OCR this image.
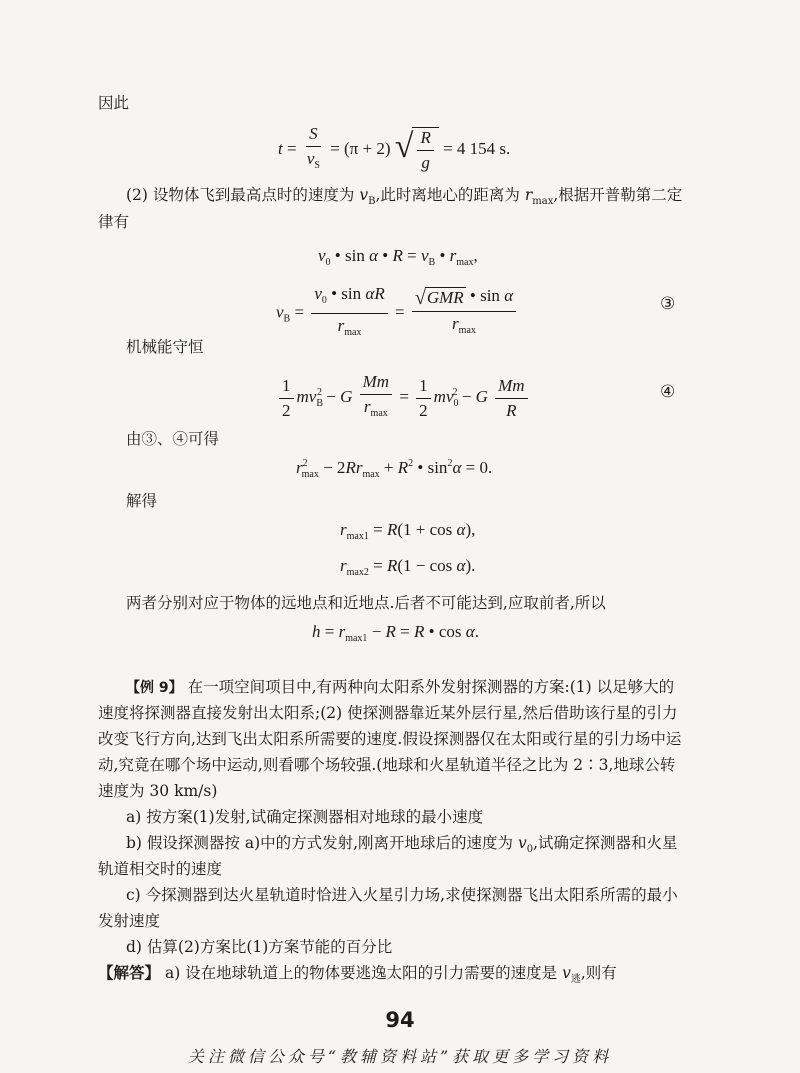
因此
$t = \frac{S}{v_S} = (\pi + 2)$ √ $\frac{R}{g} = 4$ 154 s.
(2) 设物体飞到最高点时的速度为 $v_B$,此时离地心的距离为 $r_{max}$,根据开普勒第二定
律有
$v_0$ • sin α • $R = v_B$ • $r_{max}$,
$v_B = \frac{v_0 • \sin \alpha R}{r_{max}} = \frac{\text{√ GMR • sin α}}{r_{max}}$	③
机械能守恒
$\frac{1}{2} mv_B^2 - G \frac{Mm}{r_{max}} = \frac{1}{2} mv_0^2 - G \frac{Mm}{R}$	④
由③、④可得
$r^2_{max} - 2Rr_{max} + R^2$ • $\sin^2\alpha = 0$.
解得
$r_{max1} = R(1 + \cos \alpha)$,
$r_{max2} = R(1 - \cos \alpha)$.
两者分别对应于物体的远地点和近地点.后者不可能达到,应取前者,所以
$h = r_{max1} - R = R$ • cos α.
【例 9】 在一项空间项目中,有两种向太阳系外发射探测器的方案:(1) 以足够大的
速度将探测器直接发射出太阳系;(2) 使探测器靠近某外层行星,然后借助该行星的引力
改变飞行方向,达到飞出太阳系所需要的速度.假设探测器仅在太阳或行星的引力场中运
动,究竟在哪个场中运动,则看哪个场较强.(地球和火星轨道半径之比为 2∶3,地球公转
速度为 30 km/s)
a) 按方案(1)发射,试确定探测器相对地球的最小速度
b) 假设探测器按 a)中的方式发射,刚离开地球后的速度为 $v_0$,试确定探测器和火星
轨道相交时的速度
c) 今探测器到达火星轨道时恰进入火星引力场,求使探测器飞出太阳系所需的最小
发射速度
d) 估算(2)方案比(1)方案节能的百分比
【解答】 a) 设在地球轨道上的物体要逃逸太阳的引力需要的速度是 $v_逃$,则有
94
关注微信公众号“教辅资料站”获取更多学习资料
